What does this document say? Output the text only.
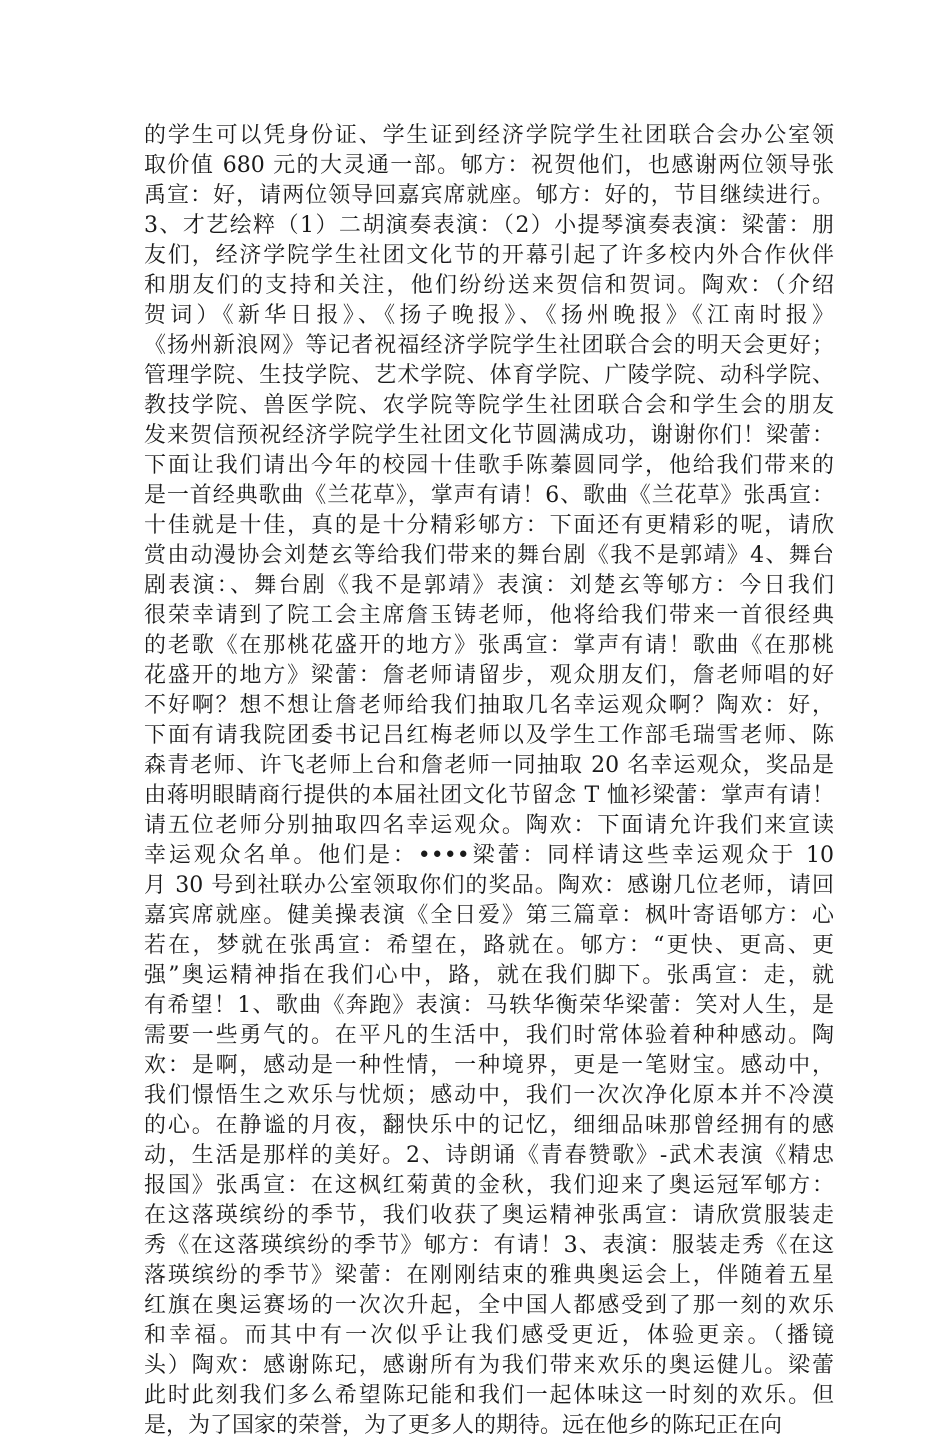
的学生可以凭身份证、学生证到经济学院学生社团联合会办公室领
取价值 680 元的大灵通一部。郇方：祝贺他们，也感谢两位领导张
禹宣：好，请两位领导回嘉宾席就座。郇方：好的，节目继续进行。
3、才艺绘粹（1）二胡演奏表演：（2）小提琴演奏表演：梁蕾：朋
友们，经济学院学生社团文化节的开幕引起了许多校内外合作伙伴
和朋友们的支持和关注，他们纷纷送来贺信和贺词。陶欢：（介绍
贺词）《新华日报》、《扬子晚报》、《扬州晚报》《江南时报》
《扬州新浪网》等记者祝福经济学院学生社团联合会的明天会更好；
管理学院、生技学院、艺术学院、体育学院、广陵学院、动科学院、
教技学院、兽医学院、农学院等院学生社团联合会和学生会的朋友
发来贺信预祝经济学院学生社团文化节圆满成功，谢谢你们！梁蕾：
下面让我们请出今年的校园十佳歌手陈蓁圆同学，他给我们带来的
是一首经典歌曲《兰花草》，掌声有请！6、歌曲《兰花草》张禹宣：
十佳就是十佳，真的是十分精彩郇方：下面还有更精彩的呢，请欣
赏由动漫协会刘楚玄等给我们带来的舞台剧《我不是郭靖》4、舞台
剧表演：、舞台剧《我不是郭靖》表演：刘楚玄等郇方：今日我们
很荣幸请到了院工会主席詹玉铸老师，他将给我们带来一首很经典
的老歌《在那桃花盛开的地方》张禹宣：掌声有请！歌曲《在那桃
花盛开的地方》梁蕾：詹老师请留步，观众朋友们，詹老师唱的好
不好啊？想不想让詹老师给我们抽取几名幸运观众啊？陶欢：好，
下面有请我院团委书记吕红梅老师以及学生工作部毛瑞雪老师、陈
森青老师、许飞老师上台和詹老师一同抽取 20 名幸运观众，奖品是
由蒋明眼睛商行提供的本届社团文化节留念 T 恤衫梁蕾：掌声有请！
请五位老师分别抽取四名幸运观众。陶欢：下面请允许我们来宣读
幸运观众名单。他们是：••••梁蕾：同样请这些幸运观众于 10
月 30 号到社联办公室领取你们的奖品。陶欢：感谢几位老师，请回
嘉宾席就座。健美操表演《全日爱》第三篇章：枫叶寄语郇方：心
若在，梦就在张禹宣：希望在，路就在。郇方：“更快、更高、更
强”奥运精神指在我们心中，路，就在我们脚下。张禹宣：走，就
有希望！1、歌曲《奔跑》表演：马轶华衡荣华梁蕾：笑对人生，是
需要一些勇气的。在平凡的生活中，我们时常体验着种种感动。陶
欢：是啊，感动是一种性情，一种境界，更是一笔财宝。感动中，
我们憬悟生之欢乐与忧烦；感动中，我们一次次净化原本并不冷漠
的心。在静谧的月夜，翻快乐中的记忆，细细品味那曾经拥有的感
动，生活是那样的美好。2、诗朗诵《青春赞歌》-武术表演《精忠
报国》张禹宣：在这枫红菊黄的金秋，我们迎来了奥运冠军郇方：
在这落瑛缤纷的季节，我们收获了奥运精神张禹宣：请欣赏服装走
秀《在这落瑛缤纷的季节》郇方：有请！3、表演：服装走秀《在这
落瑛缤纷的季节》梁蕾：在刚刚结束的雅典奥运会上，伴随着五星
红旗在奥运赛场的一次次升起，全中国人都感受到了那一刻的欢乐
和幸福。而其中有一次似乎让我们感受更近，体验更亲。（播镜
头）陶欢：感谢陈玘，感谢所有为我们带来欢乐的奥运健儿。梁蕾
此时此刻我们多么希望陈玘能和我们一起体味这一时刻的欢乐。但
是，为了国家的荣誉，为了更多人的期待。远在他乡的陈玘正在向
